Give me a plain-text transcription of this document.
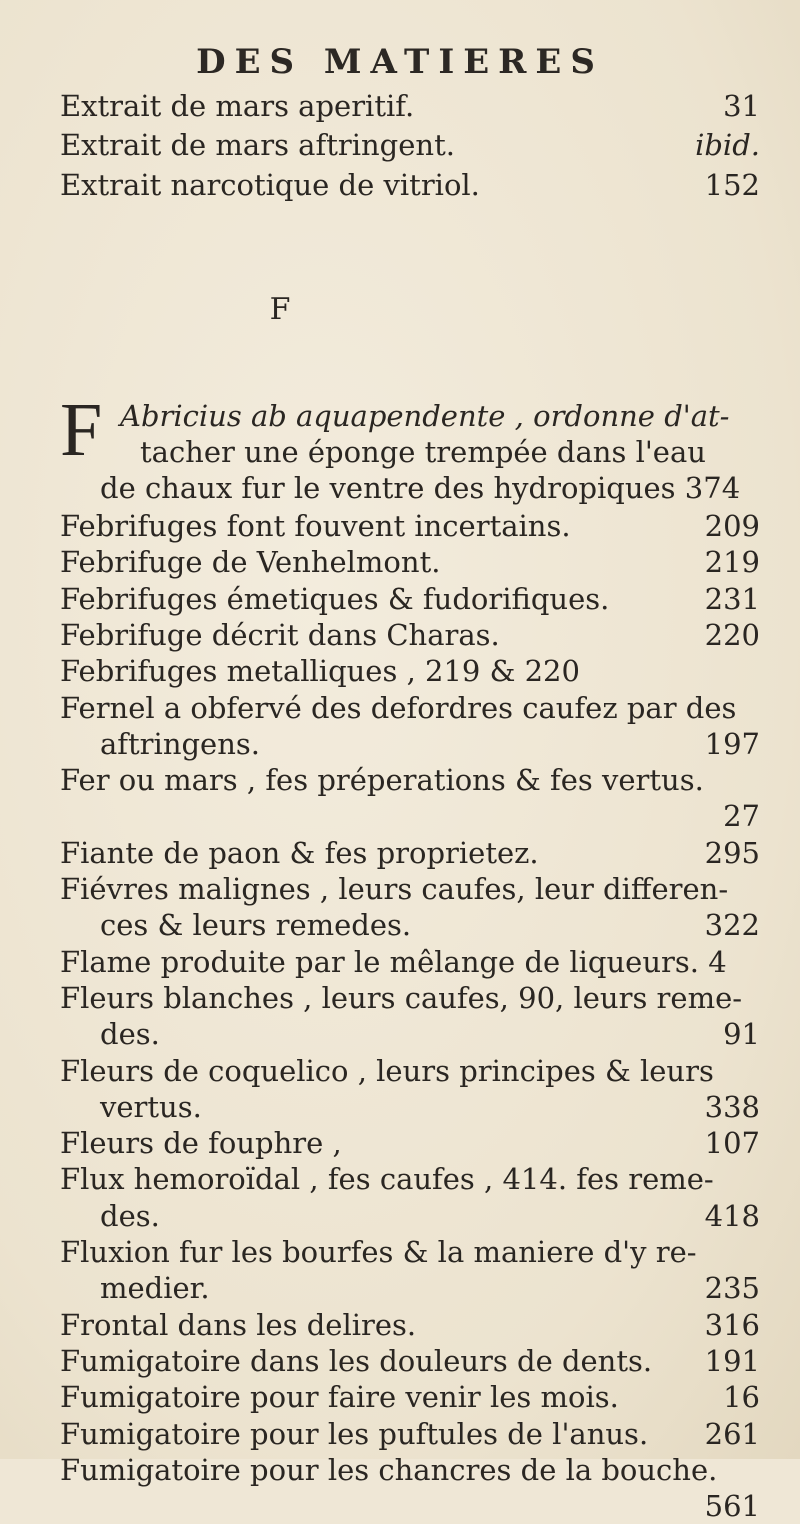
DES MATIERES
Extrait de mars aperitif.	31
Extrait de mars aftringent.	ibid.
Extrait narcotique de vitriol.	152
F
F Abricius ab aquapendente , ordonne d'at-
tacher une éponge trempée dans l'eau
de chaux fur le ventre des hydropiques 374
Febrifuges font fouvent incertains.	209
Febrifuge de Venhelmont.	219
Febrifuges émetiques & fudorifiques.	231
Febrifuge décrit dans Charas.	220
Febrifuges metalliques , 219 & 220
Fernel a obfervé des defordres caufez par des
aftringens.	197
Fer ou mars , fes préperations & fes vertus.
27
Fiante de paon & fes proprietez.	295
Fiévres malignes , leurs caufes, leur differen-
ces & leurs remedes.	322
Flame produite par le mêlange de liqueurs. 4
Fleurs blanches , leurs caufes, 90, leurs reme-
des.	91
Fleurs de coquelico , leurs principes & leurs
vertus.	338
Fleurs de fouphre ,	107
Flux hemoroïdal , fes caufes , 414. fes reme-
des.	418
Fluxion fur les bourfes & la maniere d'y re-
medier.	235
Frontal dans les delires.	316
Fumigatoire dans les douleurs de dents. 191
Fumigatoire pour faire venir les mois.	16
Fumigatoire pour les puftules de l'anus. 261
Fumigatoire pour les chancres de la bouche.
561
